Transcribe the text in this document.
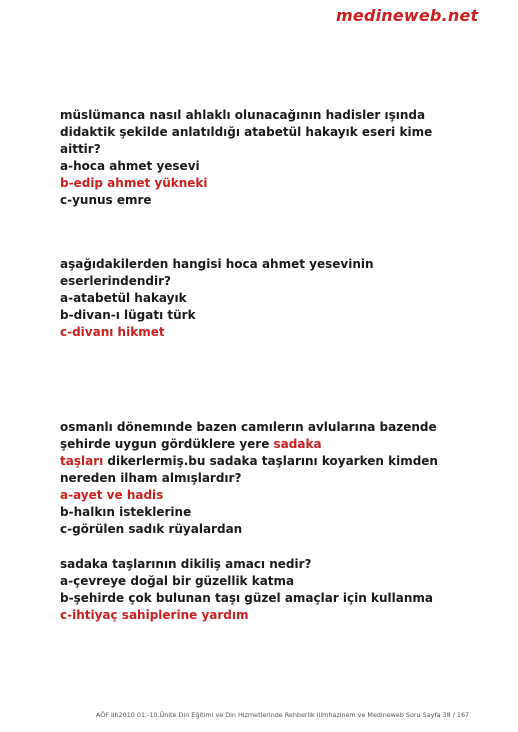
medineweb.net
müslümanca nasıl ahlaklı olunacağının hadisler ışında
didaktik şekilde anlatıldığı atabetül hakayık eseri kime
aittir?
a-hoca ahmet yesevi
b-edip ahmet yükneki
c-yunus emre
aşağıdakilerden hangisi hoca ahmet yesevinin
eserlerindendir?
a-atabetül hakayık
b-divan-ı lügatı türk
c-divanı hikmet
osmanlı dönemınde bazen camılerın avlularına bazende
şehirde uygun gördüklere yere sadaka
taşları dikerlermiş.bu sadaka taşlarını koyarken kimden
nereden ilham almışlardır?
a-ayet ve hadis
b-halkın isteklerine
c-görülen sadık rüyalardan
sadaka taşlarının dikiliş amacı nedir?
a-çevreye doğal bir güzellik katma
b-şehirde çok bulunan taşı güzel amaçlar için kullanma
c-ihtiyaç sahiplerine yardım
AÖF ilh2010 01.-10.Ünite Din Eğitimi ve Din Hizmetlerinde Rehberlik ilimhazinem ve Medineweb Soru Sayfa 38 / 167
